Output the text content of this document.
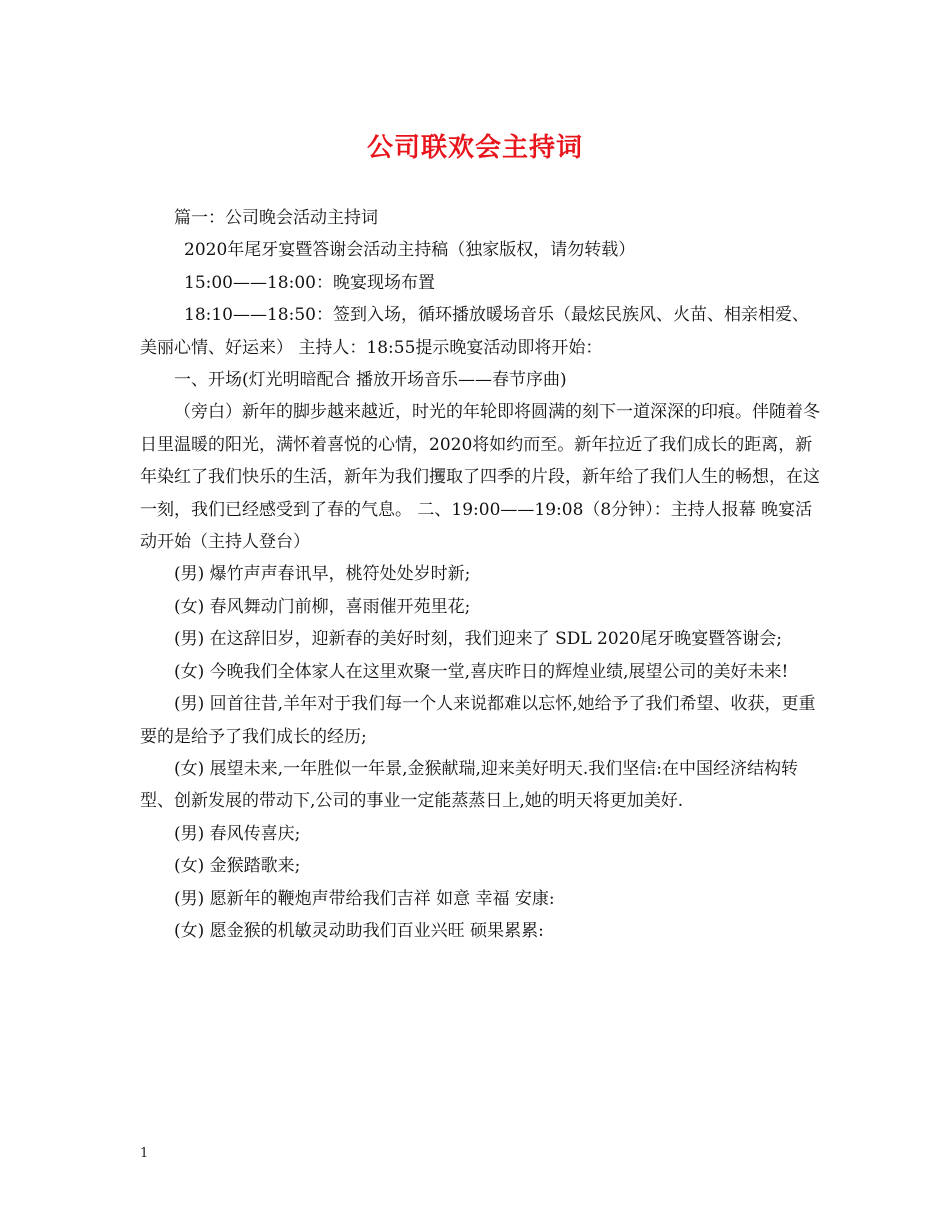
公司联欢会主持词

篇一：公司晚会活动主持词

2020年尾牙宴暨答谢会活动主持稿（独家版权，请勿转载）

15:00——18:00：晚宴现场布置

18:10——18:50：签到入场，循环播放暖场音乐（最炫民族风、火苗、相亲相爱、美丽心情、好运来） 主持人：18:55提示晚宴活动即将开始：

一、开场(灯光明暗配合 播放开场音乐——春节序曲)

（旁白）新年的脚步越来越近，时光的年轮即将圆满的刻下一道深深的印痕。伴随着冬日里温暖的阳光，满怀着喜悦的心情，2020将如约而至。新年拉近了我们成长的距离，新年染红了我们快乐的生活，新年为我们攫取了四季的片段，新年给了我们人生的畅想，在这一刻，我们已经感受到了春的气息。 二、19:00——19:08（8分钟）：主持人报幕 晚宴活动开始（主持人登台）

(男) 爆竹声声春讯早，桃符处处岁时新;

(女) 春风舞动门前柳，喜雨催开苑里花;

(男) 在这辞旧岁，迎新春的美好时刻，我们迎来了 SDL 2020尾牙晚宴暨答谢会;

(女) 今晚我们全体家人在这里欢聚一堂,喜庆昨日的辉煌业绩,展望公司的美好未来!

(男) 回首往昔,羊年对于我们每一个人来说都难以忘怀,她给予了我们希望、收获，更重要的是给予了我们成长的经历;

(女) 展望未来,一年胜似一年景,金猴献瑞,迎来美好明天.我们坚信:在中国经济结构转型、创新发展的带动下,公司的事业一定能蒸蒸日上,她的明天将更加美好.

(男) 春风传喜庆;

(女) 金猴踏歌来;

(男) 愿新年的鞭炮声带给我们吉祥 如意 幸福 安康:

(女) 愿金猴的机敏灵动助我们百业兴旺 硕果累累:

1
